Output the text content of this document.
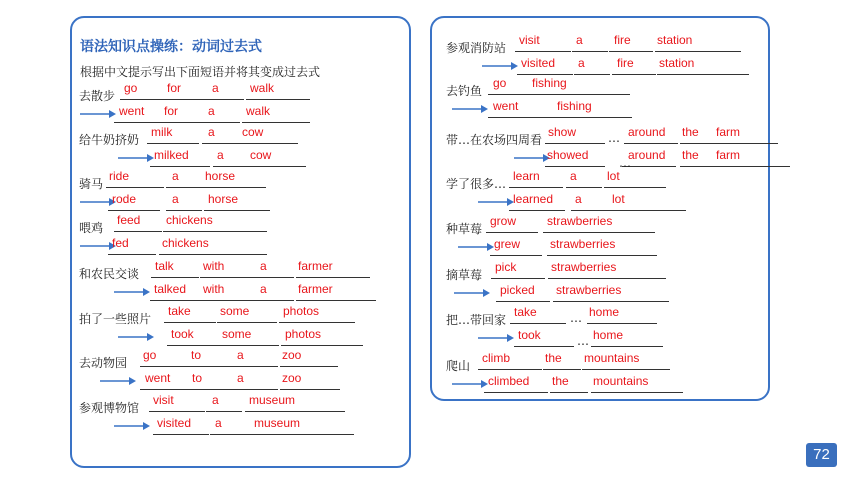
语法知识点操练：动词过去式
根据中文提示写出下面短语并将其变成过去式
去散步
go for	a	walk
went for a	walk
给牛奶挤奶
milk	a cow
milked a cow
骑马
ride	a horse
rode	a horse
喂鸡
feed chickens
fed	chickens
和农民交谈
talk with	a	farmer
talked with	a	farmer
拍了一些照片
take some	photos
took some	photos
去动物园
go	to	a	zoo
went to	a	zoo
参观博物馆
visit	a	museum
visited a	museum
参观消防站
visit	a	fire station
visited a	fire station
去钓鱼
go fishing
went	fishing
带…在农场四周看
show	around the farm
showed	around the farm
学了很多…
learn	a	lot
learned a	lot
种草莓
grow	strawberries
grew strawberries
摘草莓
pick	strawberries
picked strawberries
把…带回家
take	home
took	home
爬山
climb	the mountains
climbed the mountains
…
…
…
…
72
